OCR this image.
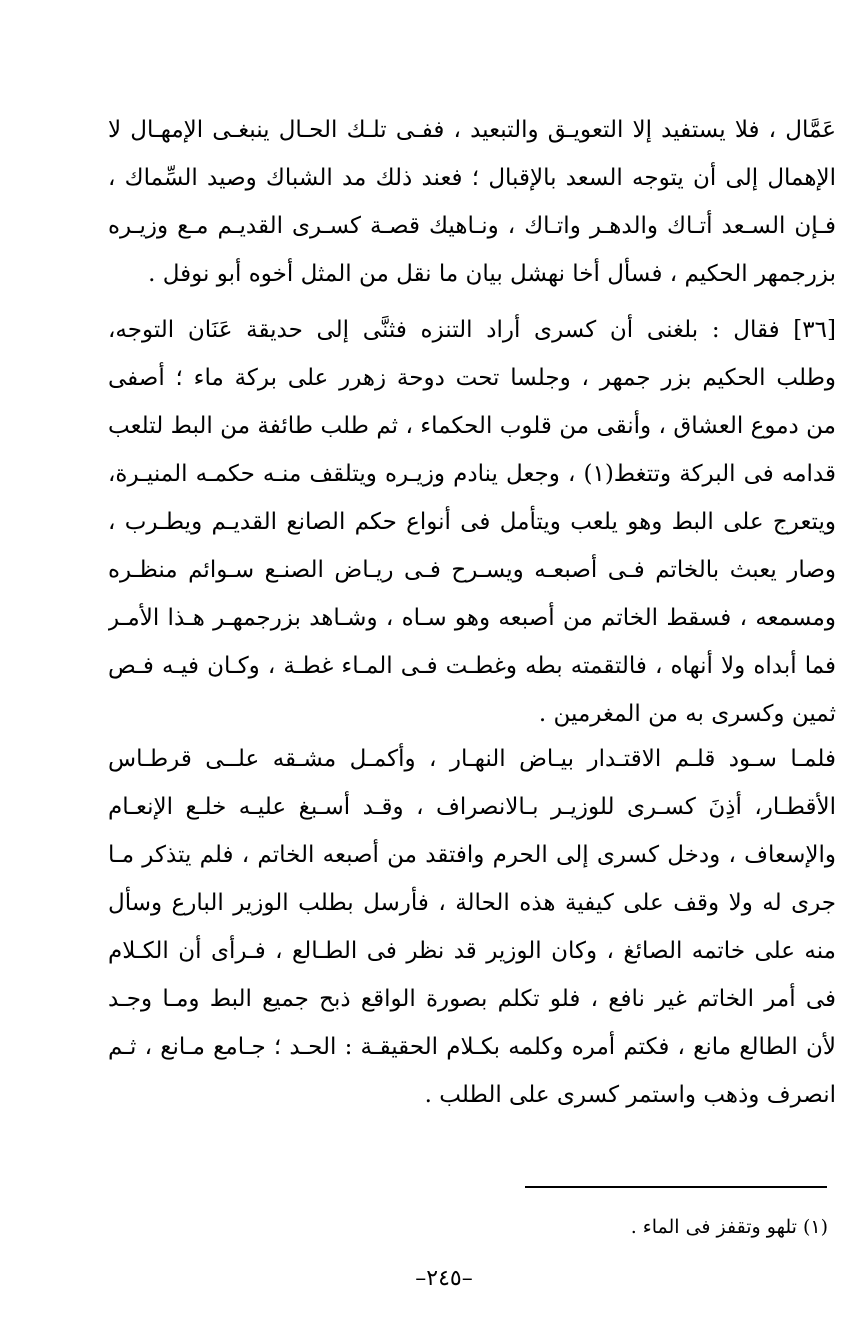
عَمَّال ، فلا يستفيد إلا التعويـق والتبعيد ، ففـى تلـك الحـال ينبغـى الإمهـال لا
الإهمال إلى أن يتوجه السعد بالإقبال ؛ فعند ذلك مد الشباك وصيد السِّماك ،
فـإن السـعد أتـاك والدهـر واتـاك ، ونـاهيك قصـة كسـرى القديـم مـع وزيـره
بزرجمهر الحكيم ، فسأل أخا نهشل بيان ما نقل من المثل أخوه أبو نوفل .
[٣٦] فقال : بلغنى أن كسرى أراد التنزه فثنَّى إلى حديقة عَنَان التوجه،
وطلب الحكيم بزر جمهر ، وجلسا تحت دوحة زهرر على بركة ماء ؛ أصفى
من دموع العشاق ، وأنقى من قلوب الحكماء ، ثم طلب طائفة من البط لتلعب
قدامه فى البركة وتتغط(١) ، وجعل ينادم وزيـره ويتلقف منـه حكمـه المنيـرة،
ويتعرج على البط وهو يلعب ويتأمل فى أنواع حكم الصانع القديـم ويطـرب ،
وصار يعبث بالخاتم فـى أصبعـه ويسـرح فـى ريـاض الصنـع سـوائم منظـره
ومسمعه ، فسقط الخاتم من أصبعه وهو سـاه ، وشـاهد بزرجمهـر هـذا الأمـر
فما أبداه ولا أنهاه ، فالتقمته بطه وغطـت فـى المـاء غطـة ، وكـان فيـه فـص
ثمين وكسرى به من المغرمين .
فلمـا سـود قلـم الاقتـدار بيـاض النهـار ، وأكمـل مشـقه علــى قرطـاس
الأقطـار، أذِنَ كسـرى للوزيـر بـالانصراف ، وقـد أسـبغ عليـه خلـع الإنعـام
والإسعاف ، ودخل كسرى إلى الحرم وافتقد من أصبعه الخاتم ، فلم يتذكر مـا
جرى له ولا وقف على كيفية هذه الحالة ، فأرسل بطلب الوزير البارع وسأل
منه على خاتمه الصائغ ، وكان الوزير قد نظر فى الطـالع ، فـرأى أن الكـلام
فى أمر الخاتم غير نافع ، فلو تكلم بصورة الواقع ذبح جميع البط ومـا وجـد
لأن الطالع مانع ، فكتم أمره وكلمه بكـلام الحقيقـة : الحـد ؛ جـامع مـانع ، ثـم
انصرف وذهب واستمر كسرى على الطلب .
(١) تلهو وتقفز فى الماء .
–٢٤٥–
